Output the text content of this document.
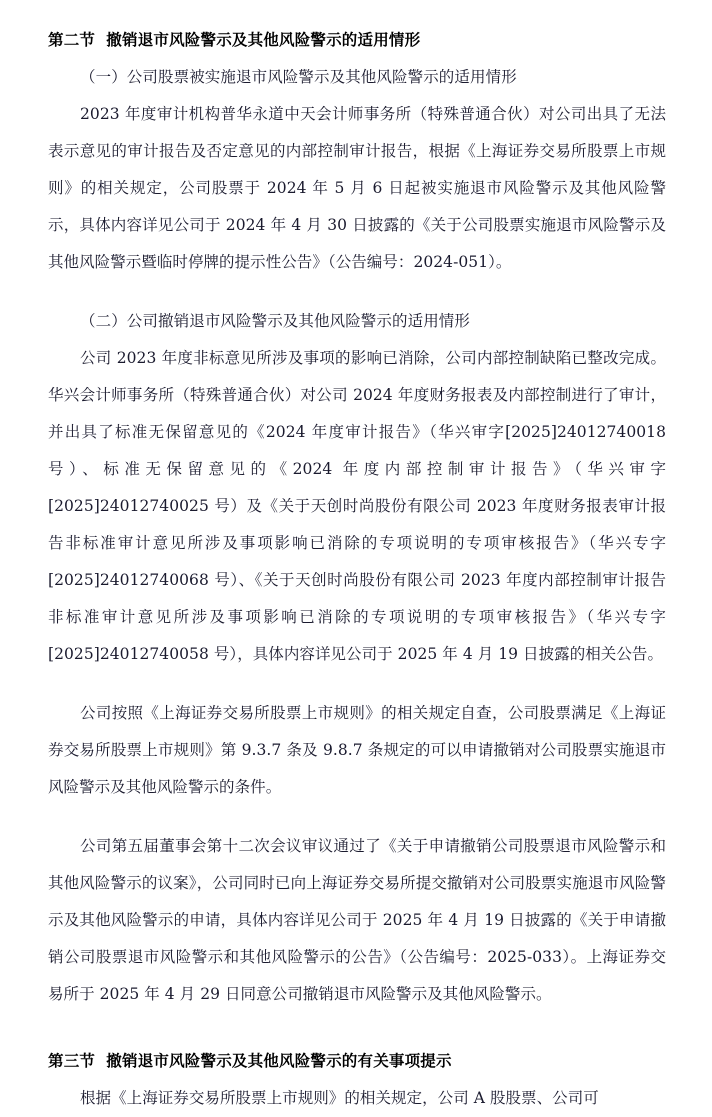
第二节  撤销退市风险警示及其他风险警示的适用情形
（一）公司股票被实施退市风险警示及其他风险警示的适用情形
2023 年度审计机构普华永道中天会计师事务所（特殊普通合伙）对公司出具了无法表示意见的审计报告及否定意见的内部控制审计报告，根据《上海证券交易所股票上市规则》的相关规定，公司股票于 2024 年 5 月 6 日起被实施退市风险警示及其他风险警示，具体内容详见公司于 2024 年 4 月 30 日披露的《关于公司股票实施退市风险警示及其他风险警示暨临时停牌的提示性公告》（公告编号：2024-051）。
（二）公司撤销退市风险警示及其他风险警示的适用情形
公司 2023 年度非标意见所涉及事项的影响已消除，公司内部控制缺陷已整改完成。华兴会计师事务所（特殊普通合伙）对公司 2024 年度财务报表及内部控制进行了审计，并出具了标准无保留意见的《2024 年度审计报告》（华兴审字[2025]24012740018 号）、标准无保留意见的《2024 年度内部控制审计报告》（华兴审字[2025]24012740025 号）及《关于天创时尚股份有限公司 2023 年度财务报表审计报告非标准审计意见所涉及事项影响已消除的专项说明的专项审核报告》（华兴专字[2025]24012740068 号）、《关于天创时尚股份有限公司 2023 年度内部控制审计报告非标准审计意见所涉及事项影响已消除的专项说明的专项审核报告》（华兴专字[2025]24012740058 号），具体内容详见公司于 2025 年 4 月 19 日披露的相关公告。
公司按照《上海证券交易所股票上市规则》的相关规定自查，公司股票满足《上海证券交易所股票上市规则》第 9.3.7 条及 9.8.7 条规定的可以申请撤销对公司股票实施退市风险警示及其他风险警示的条件。
公司第五届董事会第十二次会议审议通过了《关于申请撤销公司股票退市风险警示和其他风险警示的议案》，公司同时已向上海证券交易所提交撤销对公司股票实施退市风险警示及其他风险警示的申请，具体内容详见公司于 2025 年 4 月 19 日披露的《关于申请撤销公司股票退市风险警示和其他风险警示的公告》（公告编号：2025-033）。上海证券交易所于 2025 年 4 月 29 日同意公司撤销退市风险警示及其他风险警示。
第三节  撤销退市风险警示及其他风险警示的有关事项提示
根据《上海证券交易所股票上市规则》的相关规定，公司 A 股股票、公司可
